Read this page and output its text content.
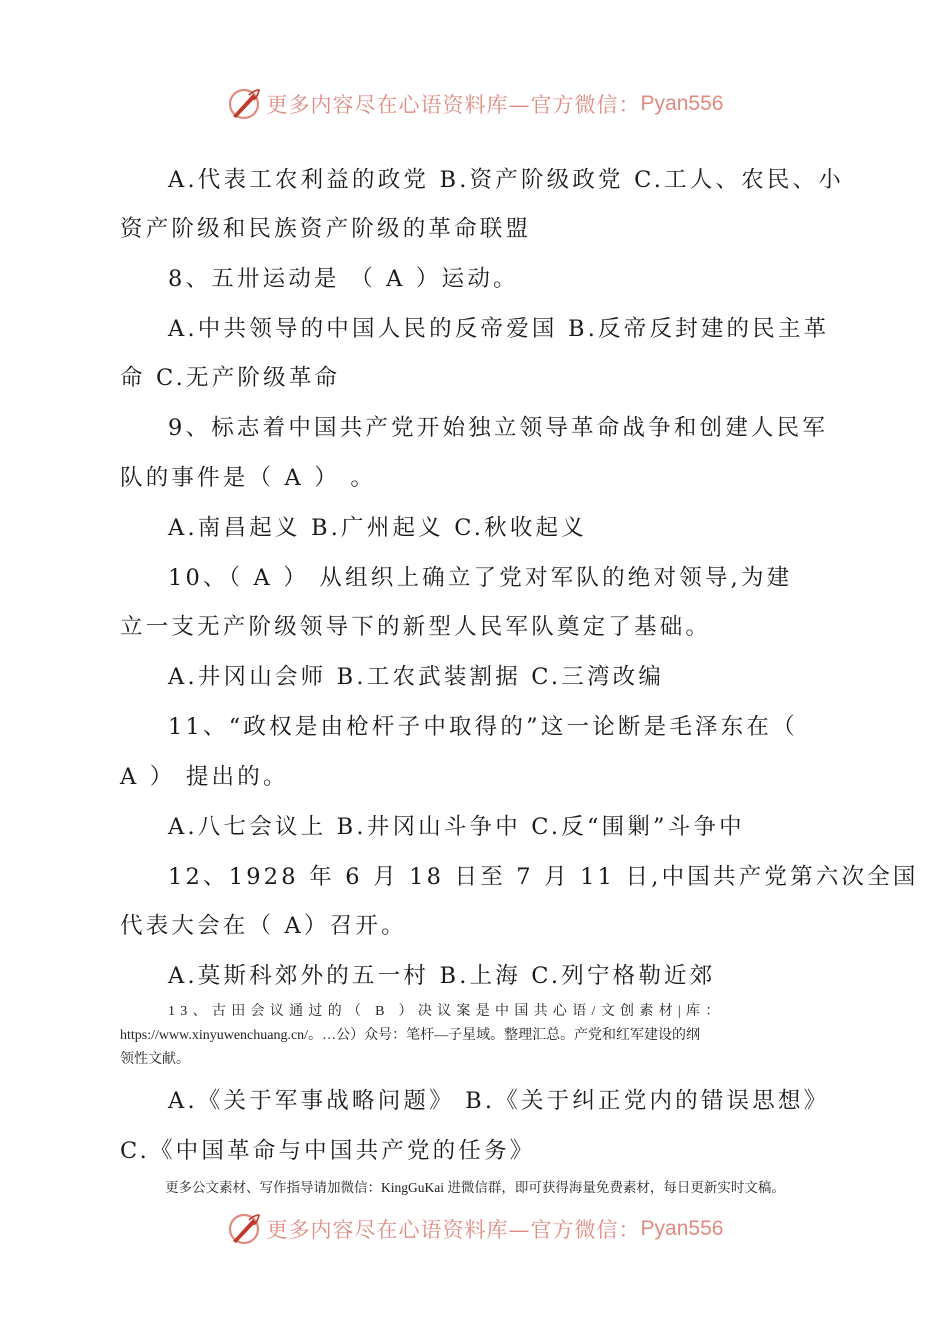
更多内容尽在心语资料库—官方微信： Pyan556
A.代表工农利益的政党 B.资产阶级政党 C.工人、农民、小
资产阶级和民族资产阶级的革命联盟
8、五卅运动是 （ A ）运动。
A.中共领导的中国人民的反帝爱国 B.反帝反封建的民主革
命 C.无产阶级革命
9、标志着中国共产党开始独立领导革命战争和创建人民军
队的事件是（ A ） 。
A.南昌起义 B.广州起义 C.秋收起义
10、（ A ） 从组织上确立了党对军队的绝对领导,为建
立一支无产阶级领导下的新型人民军队奠定了基础。
A.井冈山会师 B.工农武装割据 C.三湾改编
11、“政权是由枪杆子中取得的”这一论断是毛泽东在（
A ） 提出的。
A.八七会议上 B.井冈山斗争中 C.反“围剿”斗争中
12、1928 年 6 月 18 日至 7 月 11 日,中国共产党第六次全国
代表大会在（ A）召开。
A.莫斯科郊外的五一村 B.上海 C.列宁格勒近郊
13、古田会议通过的（ B ）决议案是中国共心语/文创素材|库：
https://www.xinyuwenchuang.cn/。…公）众号：笔杆—子星域。整理汇总。产党和红军建设的纲
领性文献。
A.《关于军事战略问题》 B.《关于纠正党内的错误思想》
C.《中国革命与中国共产党的任务》
更多公文素材、写作指导请加微信：KingGuKai 进微信群，即可获得海量免费素材，每日更新实时文稿。
更多内容尽在心语资料库—官方微信： Pyan556
